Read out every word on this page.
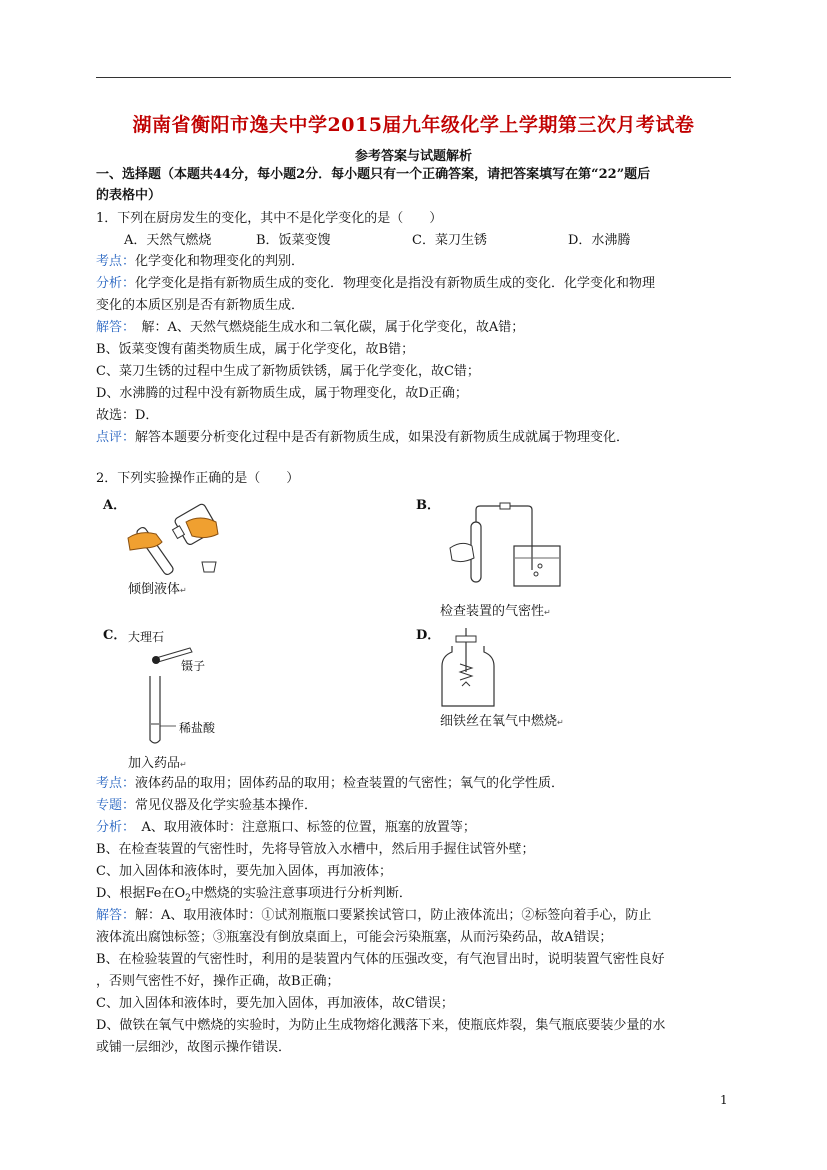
湖南省衡阳市逸夫中学2015届九年级化学上学期第三次月考试卷
参考答案与试题解析
一、选择题（本题共44分，每小题2分．每小题只有一个正确答案，请把答案填写在第“22”题后
的表格中）
1．下列在厨房发生的变化，其中不是化学变化的是（　　）
A．天然气燃烧	B．饭菜变馊	C．菜刀生锈	D．水沸腾
考点：化学变化和物理变化的判别．
分析：化学变化是指有新物质生成的变化．物理变化是指没有新物质生成的变化．化学变化和物理
变化的本质区别是否有新物质生成．
解答：　解：A、天然气燃烧能生成水和二氧化碳，属于化学变化，故A错；
B、饭菜变馊有菌类物质生成，属于化学变化，故B错；
C、菜刀生锈的过程中生成了新物质铁锈，属于化学变化，故C错；
D、水沸腾的过程中没有新物质生成，属于物理变化，故D正确；
故选：D．
点评：解答本题要分析变化过程中是否有新物质生成，如果没有新物质生成就属于物理变化．
2．下列实验操作正确的是（　　）
A．
倾倒液体↵
B．
检查装置的气密性↵
C． 大理石
镊子
稀盐酸
加入药品↵
D．
细铁丝在氧气中燃烧↵
考点：液体药品的取用；固体药品的取用；检查装置的气密性；氧气的化学性质．
专题：常见仪器及化学实验基本操作．
分析：　A、取用液体时：注意瓶口、标签的位置，瓶塞的放置等；
B、在检查装置的气密性时，先将导管放入水槽中，然后用手握住试管外壁；
C、加入固体和液体时，要先加入固体，再加液体；
D、根据Fe在$O_2$中燃烧的实验注意事项进行分析判断．
解答：解：A、取用液体时：①试剂瓶瓶口要紧挨试管口，防止液体流出；②标签向着手心，防止
液体流出腐蚀标签；③瓶塞没有倒放桌面上，可能会污染瓶塞，从而污染药品，故A错误；
B、在检验装置的气密性时，利用的是装置内气体的压强改变，有气泡冒出时，说明装置气密性良好
，否则气密性不好，操作正确，故B正确；
C、加入固体和液体时，要先加入固体，再加液体，故C错误；
D、做铁在氧气中燃烧的实验时，为防止生成物熔化溅落下来，使瓶底炸裂，集气瓶底要装少量的水
或铺一层细沙，故图示操作错误．
1
